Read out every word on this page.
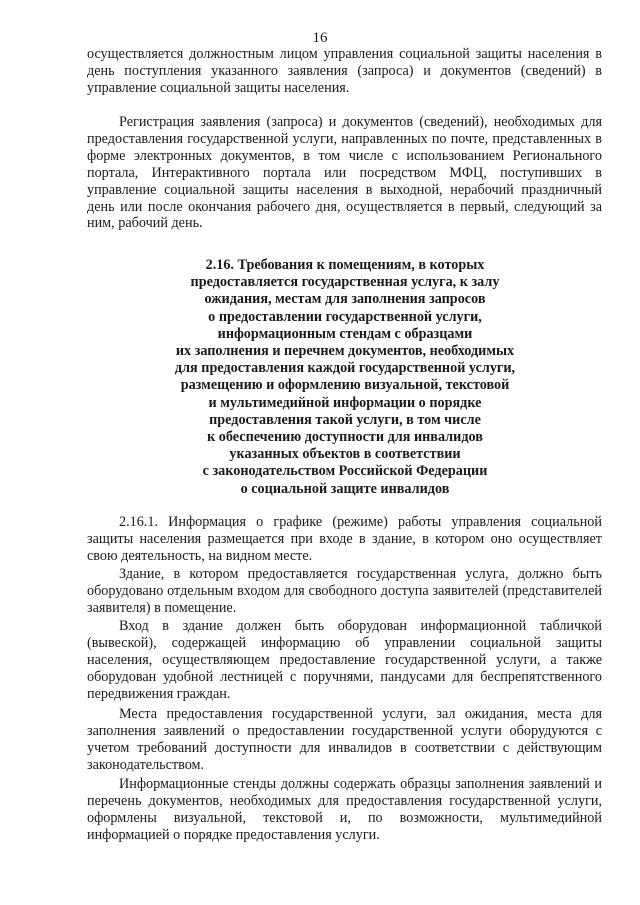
16

осуществляется должностным лицом управления социальной защиты населения в день поступления указанного заявления (запроса) и документов (сведений) в управление социальной защиты населения.

Регистрация заявления (запроса) и документов (сведений), необходимых для предоставления государственной услуги, направленных по почте, представленных в форме электронных документов, в том числе с использованием Регионального портала, Интерактивного портала или посредством МФЦ, поступивших в управление социальной защиты населения в выходной, нерабочий праздничный день или после окончания рабочего дня, осуществляется в первый, следующий за ним, рабочий день.

2.16. Требования к помещениям, в которых
предоставляется государственная услуга, к залу
ожидания, местам для заполнения запросов
о предоставлении государственной услуги,
информационным стендам с образцами
их заполнения и перечнем документов, необходимых
для предоставления каждой государственной услуги,
размещению и оформлению визуальной, текстовой
и мультимедийной информации о порядке
предоставления такой услуги, в том числе
к обеспечению доступности для инвалидов
указанных объектов в соответствии
с законодательством Российской Федерации
о социальной защите инвалидов

2.16.1. Информация о графике (режиме) работы управления социальной защиты населения размещается при входе в здание, в котором оно осуществляет свою деятельность, на видном месте.

Здание, в котором предоставляется государственная услуга, должно быть оборудовано отдельным входом для свободного доступа заявителей (представителей заявителя) в помещение.

Вход в здание должен быть оборудован информационной табличкой (вывеской), содержащей информацию об управлении социальной защиты населения, осуществляющем предоставление государственной услуги, а также оборудован удобной лестницей с поручнями, пандусами для беспрепятственного передвижения граждан.

Места предоставления государственной услуги, зал ожидания, места для заполнения заявлений о предоставлении государственной услуги оборудуются с учетом требований доступности для инвалидов в соответствии с действующим законодательством.

Информационные стенды должны содержать образцы заполнения заявлений и перечень документов, необходимых для предоставления государственной услуги, оформлены визуальной, текстовой и, по возможности, мультимедийной информацией о порядке предоставления услуги.
